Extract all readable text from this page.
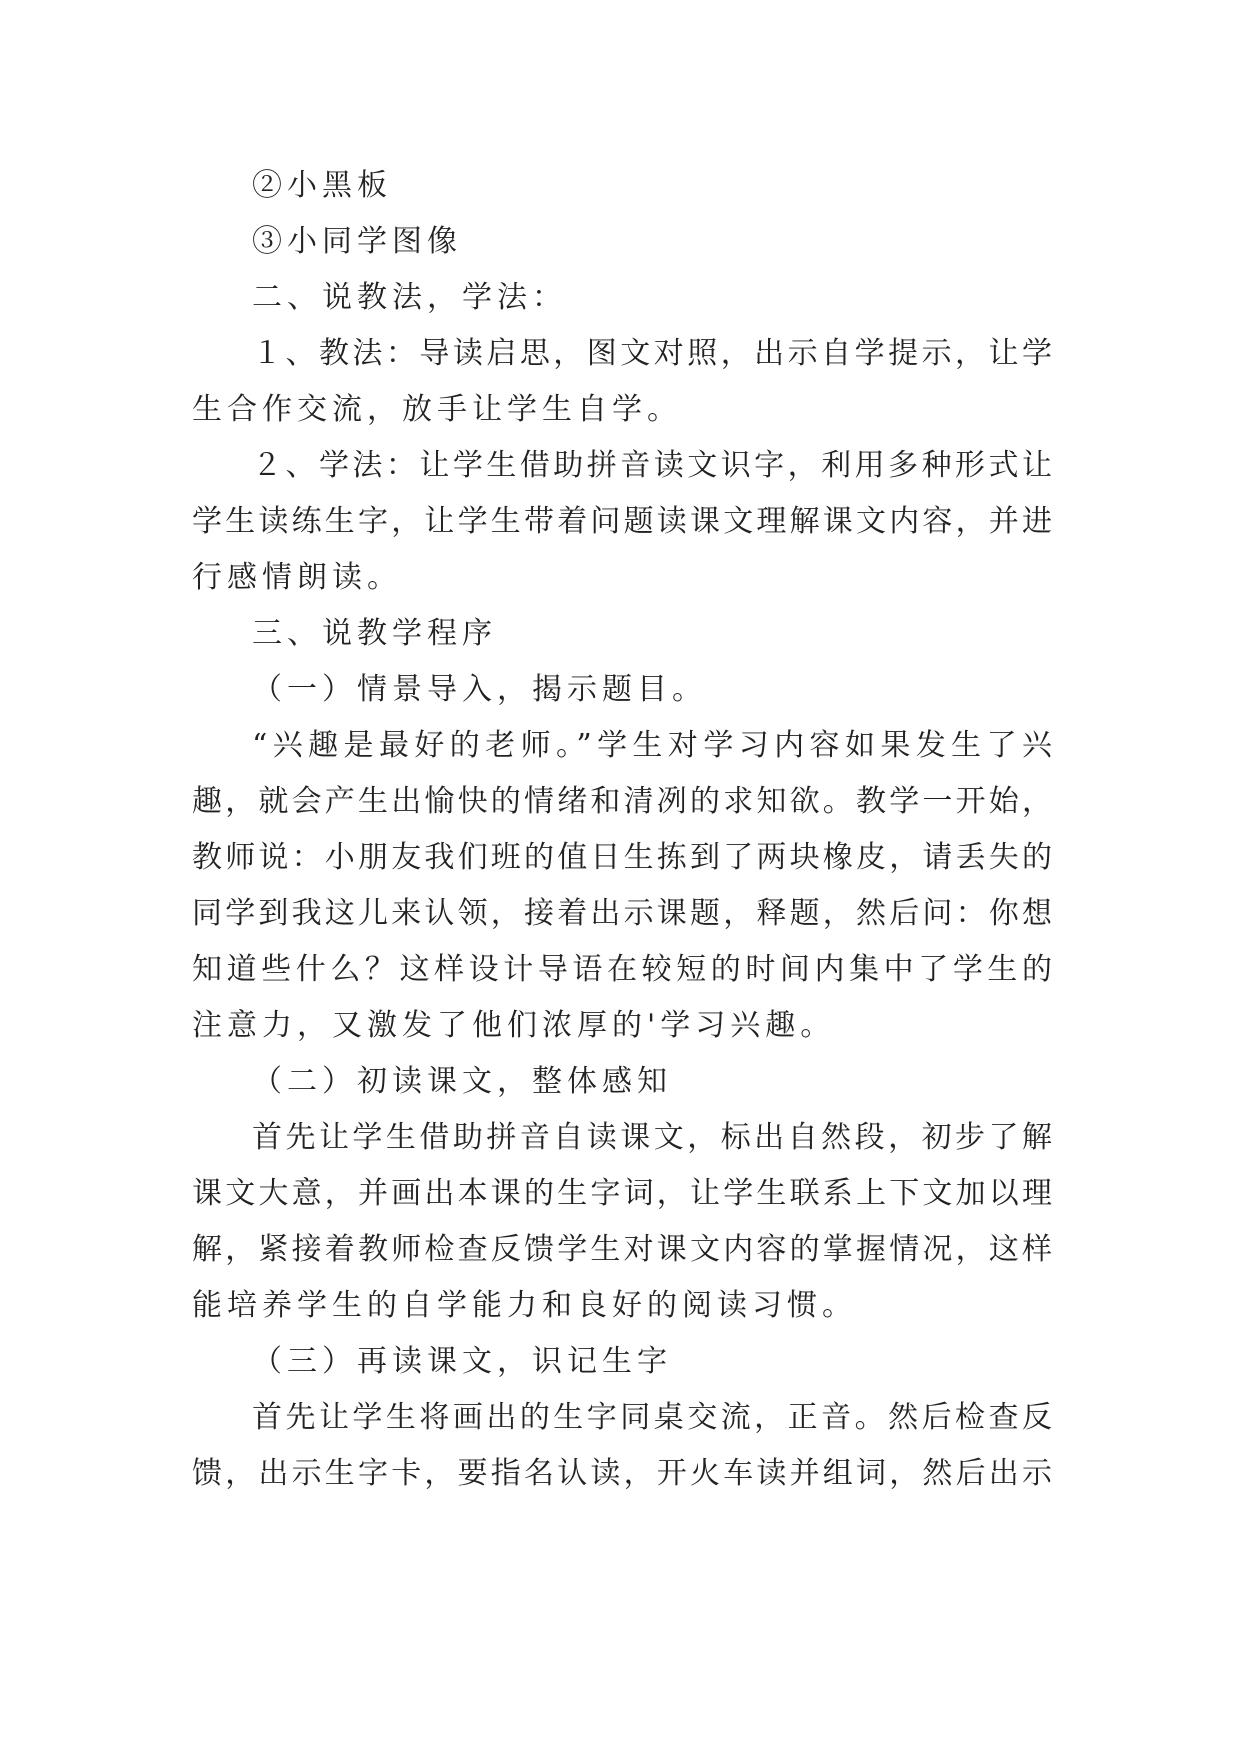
②小黑板

③小同学图像

二、说教法，学法：

１、教法：导读启思，图文对照，出示自学提示，让学

生合作交流，放手让学生自学。

２、学法：让学生借助拼音读文识字，利用多种形式让

学生读练生字，让学生带着问题读课文理解课文内容，并进

行感情朗读。

三、说教学程序

（一）情景导入，揭示题目。

“兴趣是最好的老师。”学生对学习内容如果发生了兴

趣，就会产生出愉快的情绪和清冽的求知欲。教学一开始，

教师说：小朋友我们班的值日生拣到了两块橡皮，请丢失的

同学到我这儿来认领，接着出示课题，释题，然后问：你想

知道些什么？这样设计导语在较短的时间内集中了学生的

注意力，又激发了他们浓厚的'学习兴趣。

（二）初读课文，整体感知

首先让学生借助拼音自读课文，标出自然段，初步了解

课文大意，并画出本课的生字词，让学生联系上下文加以理

解，紧接着教师检查反馈学生对课文内容的掌握情况，这样

能培养学生的自学能力和良好的阅读习惯。

（三）再读课文，识记生字

首先让学生将画出的生字同桌交流，正音。然后检查反

馈，出示生字卡，要指名认读，开火车读并组词，然后出示
